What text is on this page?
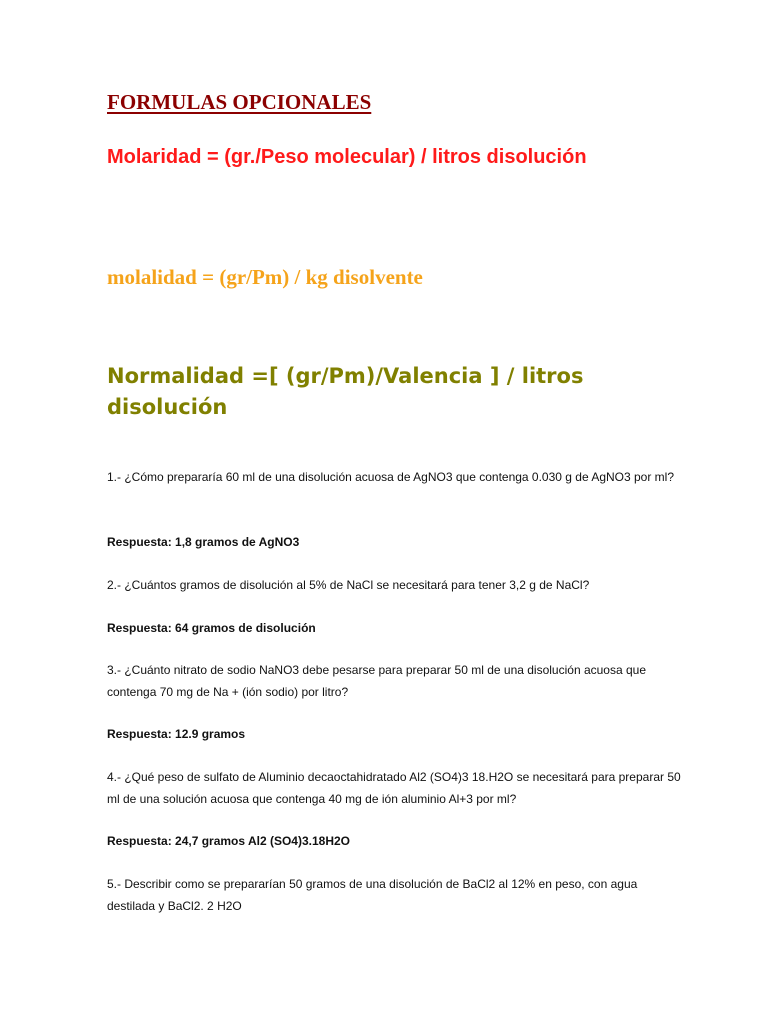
FORMULAS OPCIONALES

Molaridad = (gr./Peso molecular) / litros disolución

molalidad = (gr/Pm) / kg disolvente

Normalidad =[ (gr/Pm)/Valencia ] / litros disolución

1.- ¿Cómo prepararía 60 ml de una disolución acuosa de AgNO3 que contenga 0.030 g de AgNO3 por ml?

Respuesta: 1,8 gramos de AgNO3

2.- ¿Cuántos gramos de disolución al 5% de NaCl se necesitará para tener 3,2 g de NaCl?

Respuesta: 64 gramos de disolución

3.- ¿Cuánto nitrato de sodio NaNO3 debe pesarse para preparar 50 ml de una disolución acuosa que contenga 70 mg de Na + (ión sodio) por litro?

Respuesta: 12.9 gramos

4.- ¿Qué peso de sulfato de Aluminio decaoctahidratado Al2 (SO4)3 18.H2O se necesitará para preparar 50 ml de una solución acuosa que contenga 40 mg de ión aluminio Al+3 por ml?

Respuesta: 24,7 gramos Al2 (SO4)3.18H2O

5.- Describir como se prepararían 50 gramos de una disolución de BaCl2 al 12% en peso, con agua destilada y BaCl2. 2 H2O
